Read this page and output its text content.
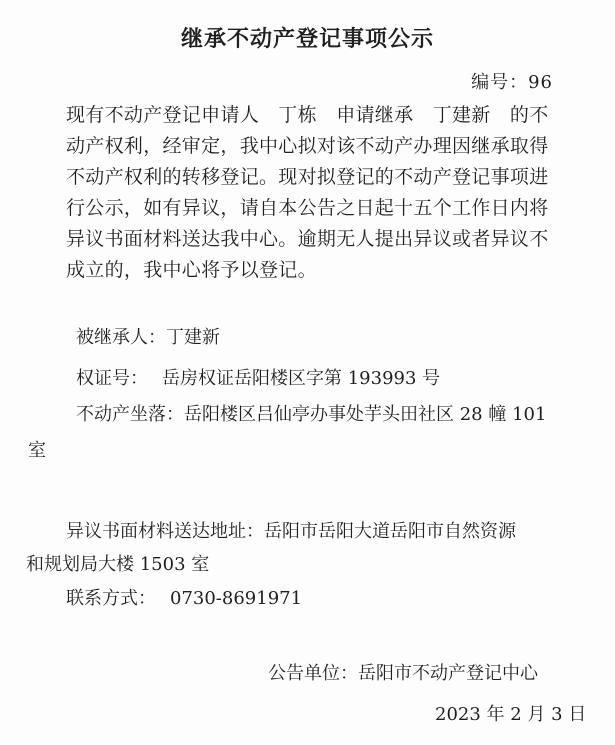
继承不动产登记事项公示
编号：96
现有不动产登记申请人　丁栋　申请继承　丁建新　的不
动产权利，经审定，我中心拟对该不动产办理因继承取得
不动产权利的转移登记。现对拟登记的不动产登记事项进
行公示，如有异议，请自本公告之日起十五个工作日内将
异议书面材料送达我中心。逾期无人提出异议或者异议不
成立的，我中心将予以登记。
被继承人：丁建新
权证号： 岳房权证岳阳楼区字第 193993 号
不动产坐落：岳阳楼区吕仙亭办事处芋头田社区 28 幢 101
室
异议书面材料送达地址：岳阳市岳阳大道岳阳市自然资源
和规划局大楼 1503 室
联系方式： 0730-8691971
公告单位：岳阳市不动产登记中心
2023 年 2 月 3 日
